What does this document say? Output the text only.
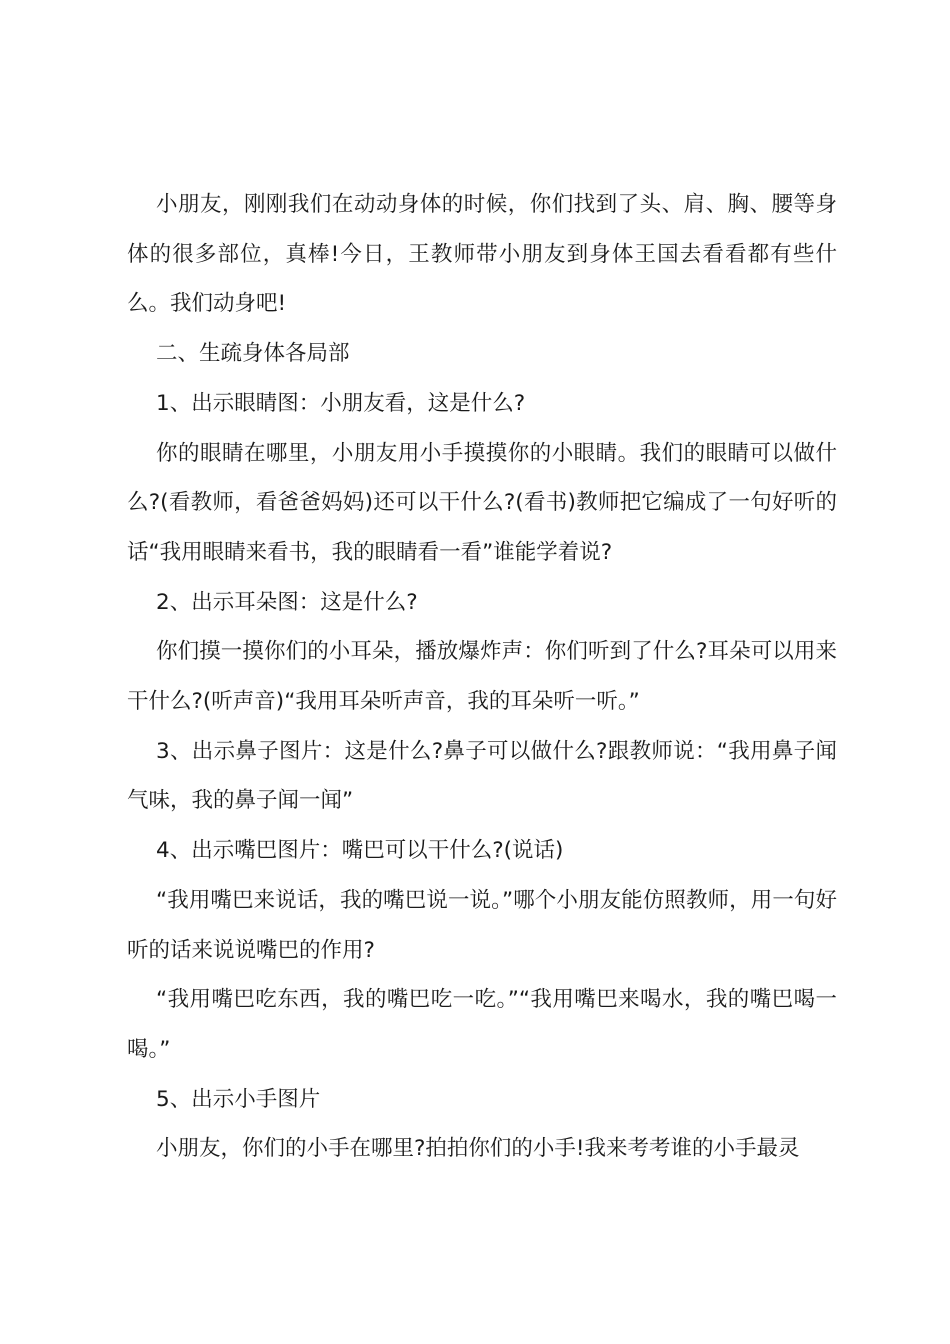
小朋友，刚刚我们在动动身体的时候，你们找到了头、肩、胸、腰等身体的很多部位，真棒!今日，王教师带小朋友到身体王国去看看都有些什么。我们动身吧!

二、生疏身体各局部

1、出示眼睛图：小朋友看，这是什么?

你的眼睛在哪里，小朋友用小手摸摸你的小眼睛。我们的眼睛可以做什么?(看教师，看爸爸妈妈)还可以干什么?(看书)教师把它编成了一句好听的话“我用眼睛来看书，我的眼睛看一看”谁能学着说?

2、出示耳朵图：这是什么?

你们摸一摸你们的小耳朵，播放爆炸声：你们听到了什么?耳朵可以用来干什么?(听声音)“我用耳朵听声音，我的耳朵听一听。”

3、出示鼻子图片：这是什么?鼻子可以做什么?跟教师说：“我用鼻子闻气味，我的鼻子闻一闻”

4、出示嘴巴图片：嘴巴可以干什么?(说话)

“我用嘴巴来说话，我的嘴巴说一说。”哪个小朋友能仿照教师，用一句好听的话来说说嘴巴的作用?

“我用嘴巴吃东西，我的嘴巴吃一吃。”“我用嘴巴来喝水，我的嘴巴喝一喝。”

5、出示小手图片

小朋友，你们的小手在哪里?拍拍你们的小手!我来考考谁的小手最灵
